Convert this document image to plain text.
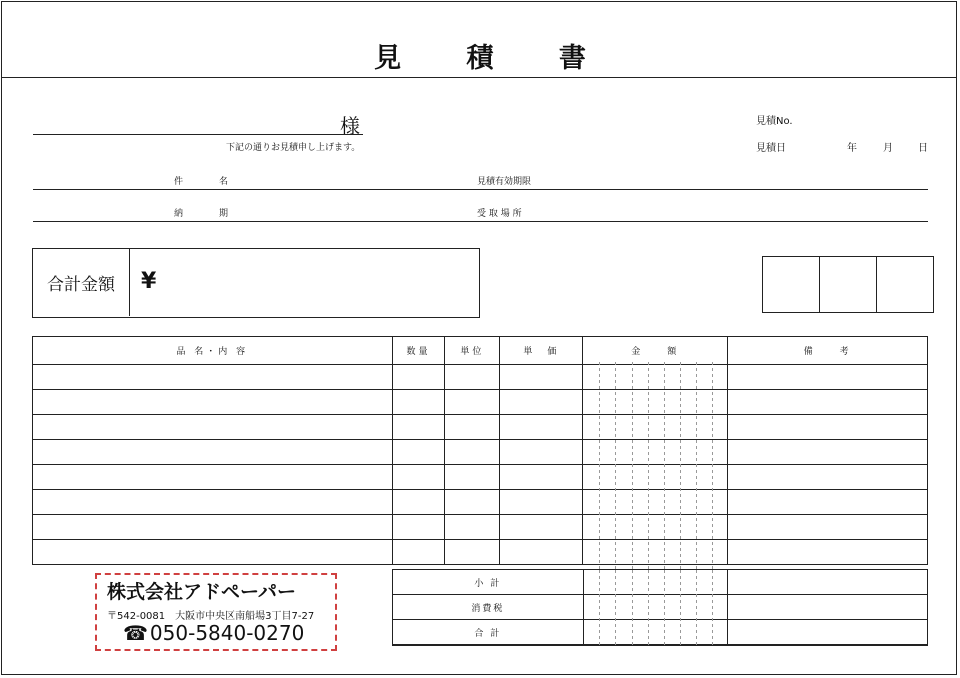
見 積 書
様
下記の通りお見積申し上げます。
見積No.
見積日	年	月	日
件　　　　名	見積有効期限
納　　　　期	受 取 場 所
合計金額	¥

品 名・内 容	数量	単位	単　価	金　　額	備　　考

小 計		
消費税		
合 計		
株式会社アドペーパー
〒542-0081　大阪市中央区南船場3丁目7-27
☎ 050-5840-0270
